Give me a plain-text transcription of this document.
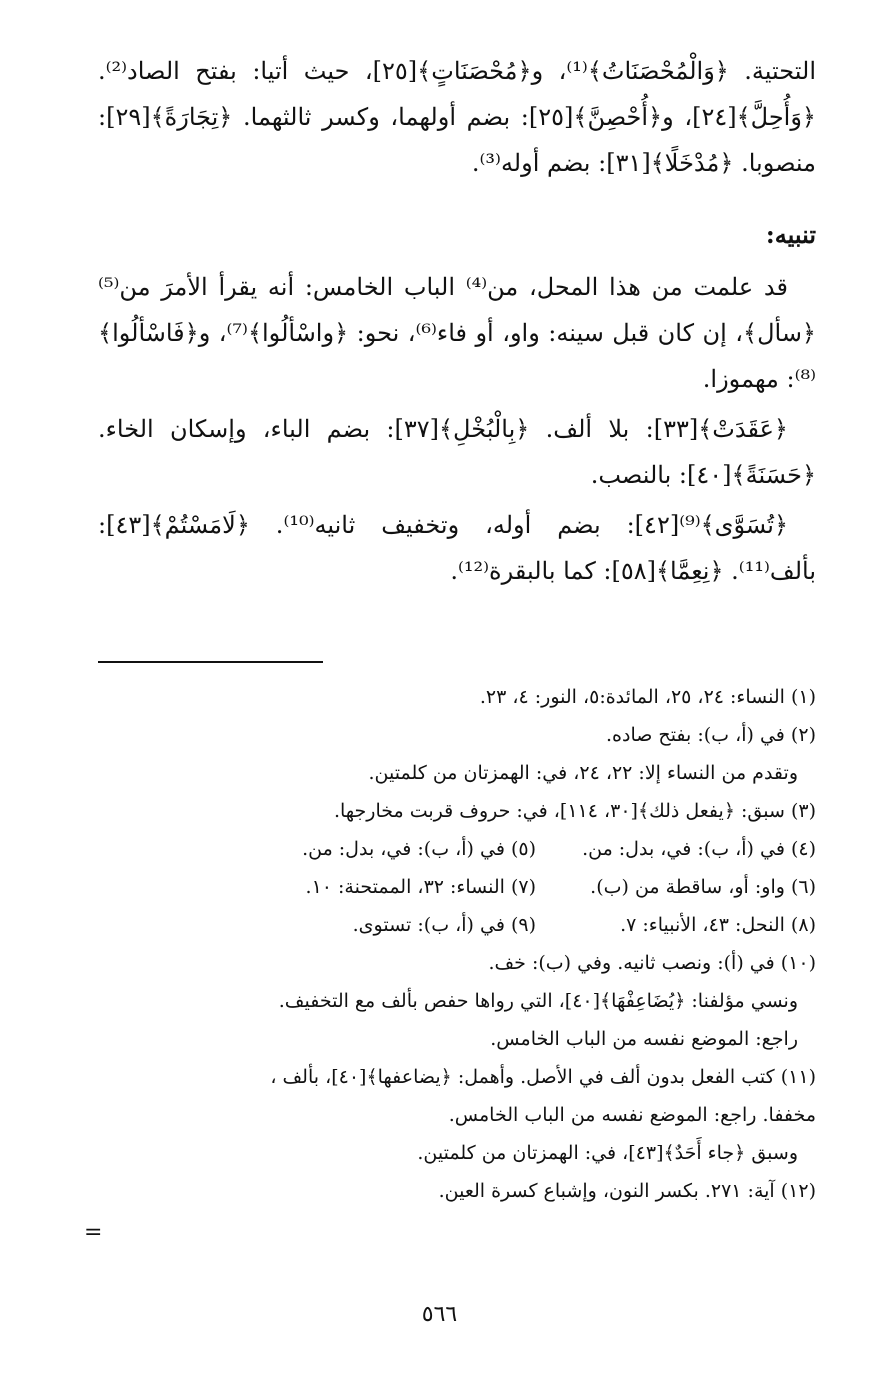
التحتية. ﴿وَالْمُحْصَنَاتُ﴾⁽¹⁾، و﴿مُحْصَنَاتٍ﴾[٢٥]، حيث أتيا: بفتح الصاد⁽²⁾. ﴿وَأُحِلَّ﴾[٢٤]، و﴿أُحْصِنَّ﴾[٢٥]: بضم أولهما، وكسر ثالثهما. ﴿تِجَارَةً﴾[٢٩]: منصوبا. ﴿مُدْخَلًا﴾[٣١]: بضم أوله⁽³⁾.

تنبيه:

قد علمت من هذا المحل، من⁽⁴⁾ الباب الخامس: أنه يقرأ الأمرَ من⁽⁵⁾ ﴿سأل﴾، إن كان قبل سينه: واو، أو فاء⁽⁶⁾، نحو: ﴿واسْألُوا﴾⁽⁷⁾، و﴿فَاسْألُوا﴾⁽⁸⁾: مهموزا.

﴿عَقَدَتْ﴾[٣٣]: بلا ألف. ﴿بِالْبُخْلِ﴾[٣٧]: بضم الباء، وإسكان الخاء. ﴿حَسَنَةً﴾[٤٠]: بالنصب.

﴿تُسَوَّى﴾⁽⁹⁾[٤٢]: بضم أوله، وتخفيف ثانيه⁽¹⁰⁾. ﴿لَامَسْتُمْ﴾[٤٣]: بألف⁽¹¹⁾. ﴿نِعِمَّا﴾[٥٨]: كما بالبقرة⁽¹²⁾.

(١) النساء: ٢٤، ٢٥، المائدة:٥، النور: ٤، ٢٣.

(٢) في (أ، ب): بفتح صاده.

وتقدم من النساء إلا: ٢٢، ٢٤، في: الهمزتان من كلمتين.

(٣) سبق: ﴿يفعل ذلك﴾[٣٠، ١١٤]، في: حروف قربت مخارجها.

(٤) في (أ، ب): في، بدل: من.
(٥) في (أ، ب): في، بدل: من.
(٦) واو: أو، ساقطة من (ب).
(٧) النساء: ٣٢، الممتحنة: ١٠.
(٨) النحل: ٤٣، الأنبياء: ٧.
(٩) في (أ، ب): تستوى.

(١٠) في (أ): ونصب ثانيه. وفي (ب): خف.

ونسي مؤلفنا: ﴿يُضَاعِفْهَا﴾[٤٠]، التي رواها حفص بألف مع التخفيف.

راجع: الموضع نفسه من الباب الخامس.

(١١) كتب الفعل بدون ألف في الأصل. وأهمل: ﴿يضاعفها﴾[٤٠]، بألف ،

مخففا. راجع: الموضع نفسه من الباب الخامس.

وسبق ﴿جاء أَحَدٌ﴾[٤٣]، في: الهمزتان من كلمتين.

(١٢) آية: ٢٧١. بكسر النون، وإشباع كسرة العين.

=
٥٦٦
